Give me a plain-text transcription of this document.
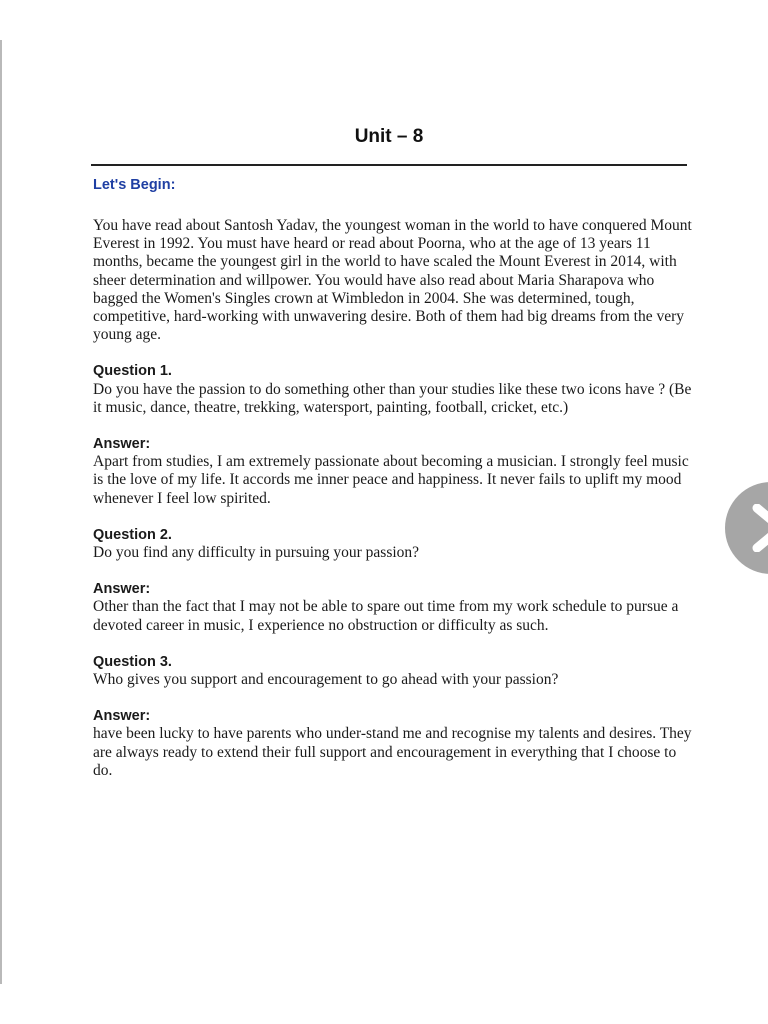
Unit – 8
Let's Begin:

You have read about Santosh Yadav, the youngest woman in the world to have conquered Mount Everest in 1992. You must have heard or read about Poorna, who at the age of 13 years 11 months, became the youngest girl in the world to have scaled the Mount Everest in 2014, with sheer determination and willpower. You would have also read about Maria Sharapova who bagged the Women's Singles crown at Wimbledon in 2004. She was determined, tough, competitive, hard-working with unwavering desire. Both of them had big dreams from the very young age.

Question 1.

Do you have the passion to do something other than your studies like these two icons have ? (Be it music, dance, theatre, trekking, watersport, painting, football, cricket, etc.)

Answer:

Apart from studies, I am extremely passionate about becoming a musician. I strongly feel music is the love of my life. It accords me inner peace and happiness. It never fails to uplift my mood whenever I feel low spirited.

Question 2.

Do you find any difficulty in pursuing your passion?

Answer:

Other than the fact that I may not be able to spare out time from my work schedule to pursue a devoted career in music, I experience no obstruction or difficulty as such.

Question 3.

Who gives you support and encouragement to go ahead with your passion?

Answer:

have been lucky to have parents who under-stand me and recognise my talents and desires. They are always ready to extend their full support and encouragement in everything that I choose to do.
